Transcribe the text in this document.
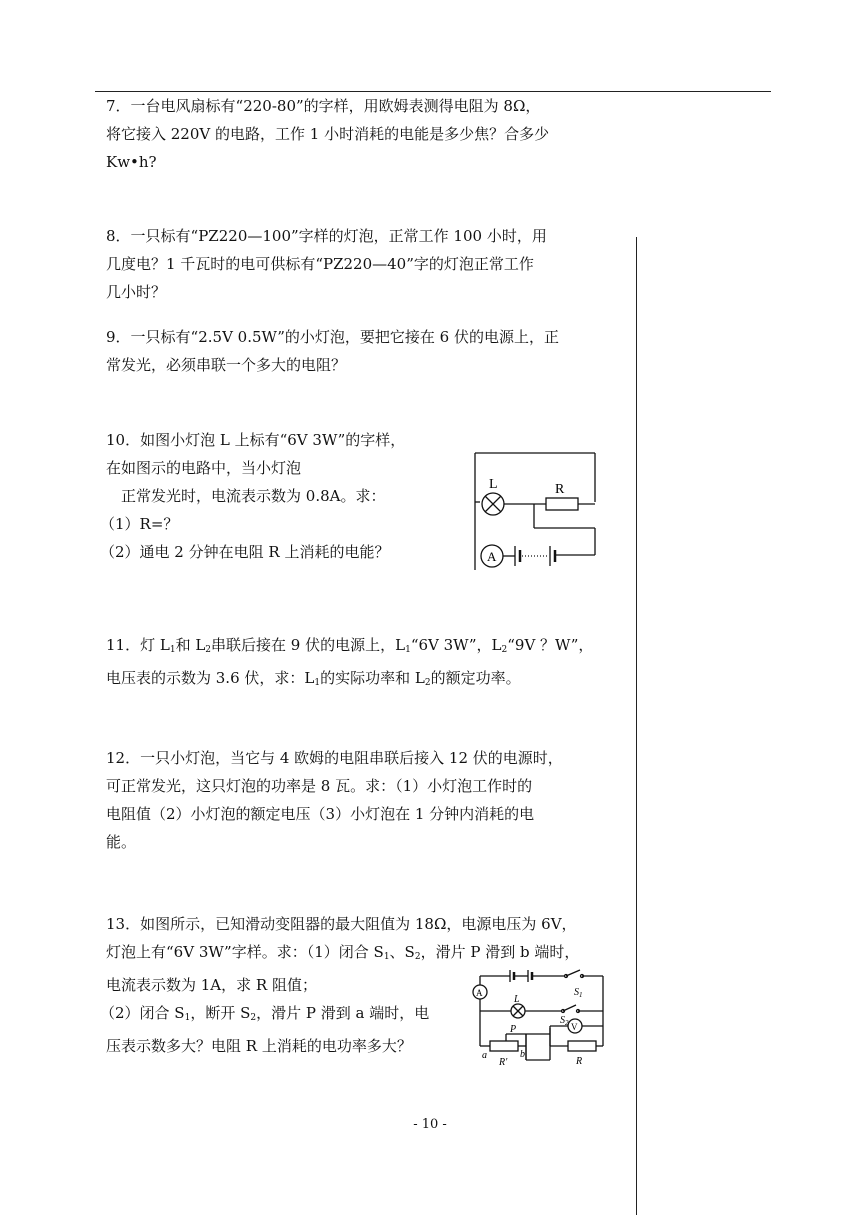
7．一台电风扇标有“220-80”的字样，用欧姆表测得电阻为 8Ω，
将它接入 220V 的电路，工作 1 小时消耗的电能是多少焦？合多少
Kw•h?
8．一只标有“PZ220—100”字样的灯泡，正常工作 100 小时，用
几度电？1 千瓦时的电可供标有“PZ220—40”字的灯泡正常工作
几小时？
9．一只标有“2.5V 0.5W”的小灯泡，要把它接在 6 伏的电源上，正
常发光，必须串联一个多大的电阻？
10．如图小灯泡 L 上标有“6V 3W”的字样，
在如图示的电路中，当小灯泡
正常发光时，电流表示数为 0.8A。求：
（1）R=？
（2）通电 2 分钟在电阻 R 上消耗的电能？
L	R
A
11．灯 $L_1$和 $L_2$串联后接在 9 伏的电源上，$L_1“6V$ 3W”，$L_2“9V$ ？W”，
电压表的示数为 3.6 伏，求：$L_1$的实际功率和 $L_2$的额定功率。
12．一只小灯泡，当它与 4 欧姆的电阻串联后接入 12 伏的电源时，
可正常发光，这只灯泡的功率是 8 瓦。求：（1）小灯泡工作时的
电阻值（2）小灯泡的额定电压（3）小灯泡在 1 分钟内消耗的电
能。
13．如图所示，已知滑动变阻器的最大阻值为 18Ω，电源电压为 6V，
灯泡上有“6V 3W”字样。求：（1）闭合 $S_1$、$S_2$，滑片 P 滑到 b 端时，
电流表示数为 1A，求 R 阻值；
（2）闭合 $S_1$，断开 $S_2$，滑片 P 滑到 a 端时，电
压表示数多大？电阻 R 上消耗的电功率多大？
$S_1$
L
A
V
P
a	b
R'	R
$S_2$
- 10 -
